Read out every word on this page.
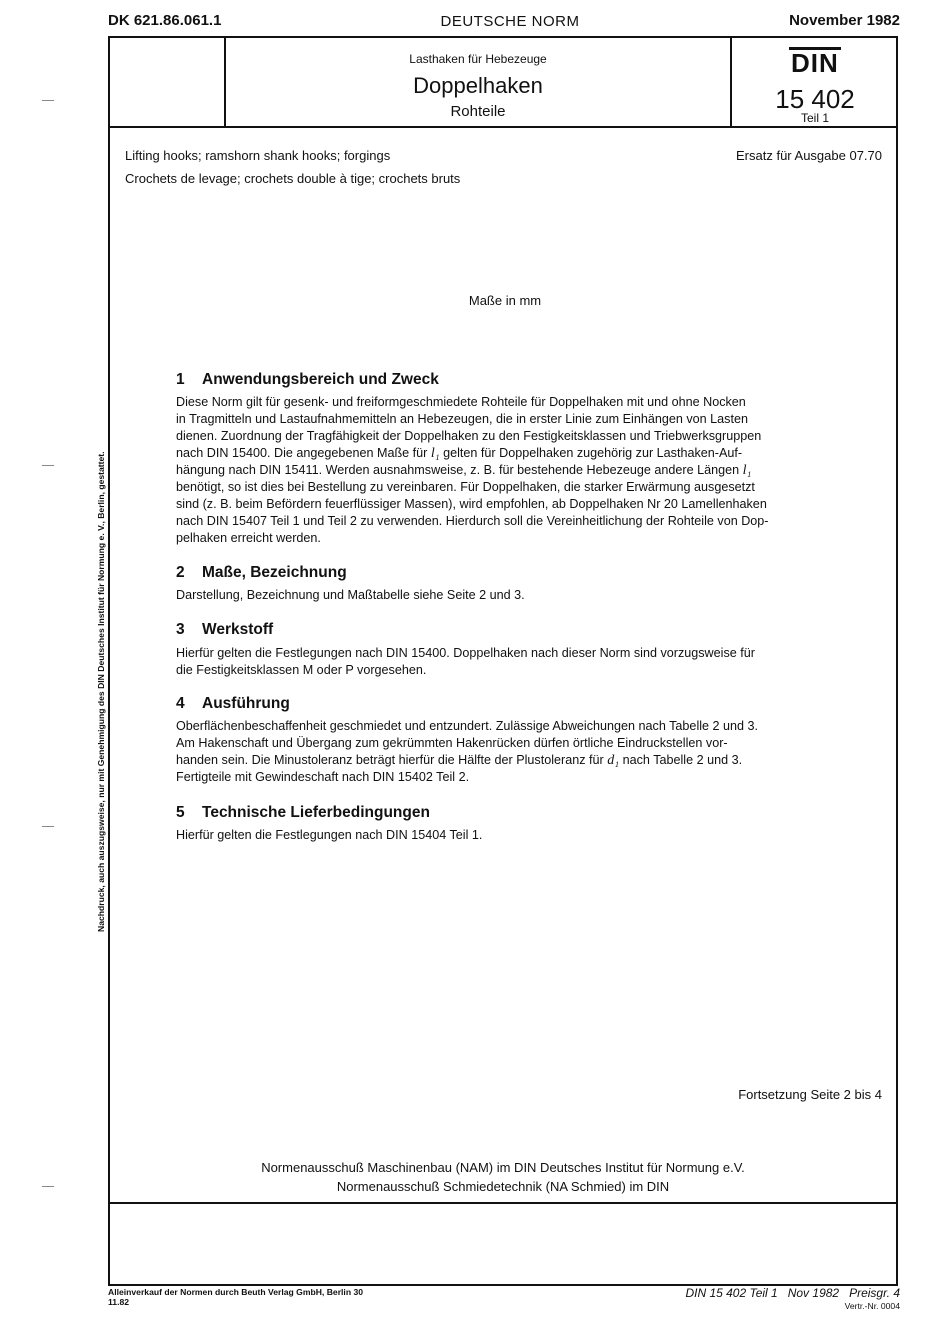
DK 621.86.061.1	DEUTSCHE NORM	November 1982
Lasthaken für Hebezeuge
Doppelhaken
Rohteile
DIN
15 402
Teil 1
Lifting hooks; ramshorn shank hooks; forgings
Crochets de levage; crochets double à tige; crochets bruts
Ersatz für Ausgabe 07.70
Maße in mm
1 Anwendungsbereich und Zweck
Diese Norm gilt für gesenk- und freiformgeschmiedete Rohteile für Doppelhaken mit und ohne Nocken
in Tragmitteln und Lastaufnahmemitteln an Hebezeugen, die in erster Linie zum Einhängen von Lasten
dienen. Zuordnung der Tragfähigkeit der Doppelhaken zu den Festigkeitsklassen und Triebwerksgruppen
nach DIN 15400. Die angegebenen Maße für l₁ gelten für Doppelhaken zugehörig zur Lasthaken-Auf-
hängung nach DIN 15411. Werden ausnahmsweise, z. B. für bestehende Hebezeuge andere Längen l₁
benötigt, so ist dies bei Bestellung zu vereinbaren. Für Doppelhaken, die starker Erwärmung ausgesetzt
sind (z. B. beim Befördern feuerflüssiger Massen), wird empfohlen, ab Doppelhaken Nr 20 Lamellenhaken
nach DIN 15407 Teil 1 und Teil 2 zu verwenden. Hierdurch soll die Vereinheitlichung der Rohteile von Dop-
pelhaken erreicht werden.
2 Maße, Bezeichnung
Darstellung, Bezeichnung und Maßtabelle siehe Seite 2 und 3.
3 Werkstoff
Hierfür gelten die Festlegungen nach DIN 15400. Doppelhaken nach dieser Norm sind vorzugsweise für
die Festigkeitsklassen M oder P vorgesehen.
4 Ausführung
Oberflächenbeschaffenheit geschmiedet und entzundert. Zulässige Abweichungen nach Tabelle 2 und 3.
Am Hakenschaft und Übergang zum gekrümmten Hakenrücken dürfen örtliche Eindruckstellen vor-
handen sein. Die Minustoleranz beträgt hierfür die Hälfte der Plustoleranz für d₁ nach Tabelle 2 und 3.
Fertigteile mit Gewindeschaft nach DIN 15402 Teil 2.
5 Technische Lieferbedingungen
Hierfür gelten die Festlegungen nach DIN 15404 Teil 1.
Nachdruck, auch auszugsweise, nur mit Genehmigung des DIN Deutsches Institut für Normung e. V., Berlin, gestattet.
Fortsetzung Seite 2 bis 4
Normenausschuß Maschinenbau (NAM) im DIN Deutsches Institut für Normung e.V.
Normenausschuß Schmiedetechnik (NA Schmied) im DIN
Alleinverkauf der Normen durch Beuth Verlag GmbH, Berlin 30
11.82
DIN 15 402 Teil 1   Nov 1982   Preisgr. 4
Vertr.-Nr. 0004
